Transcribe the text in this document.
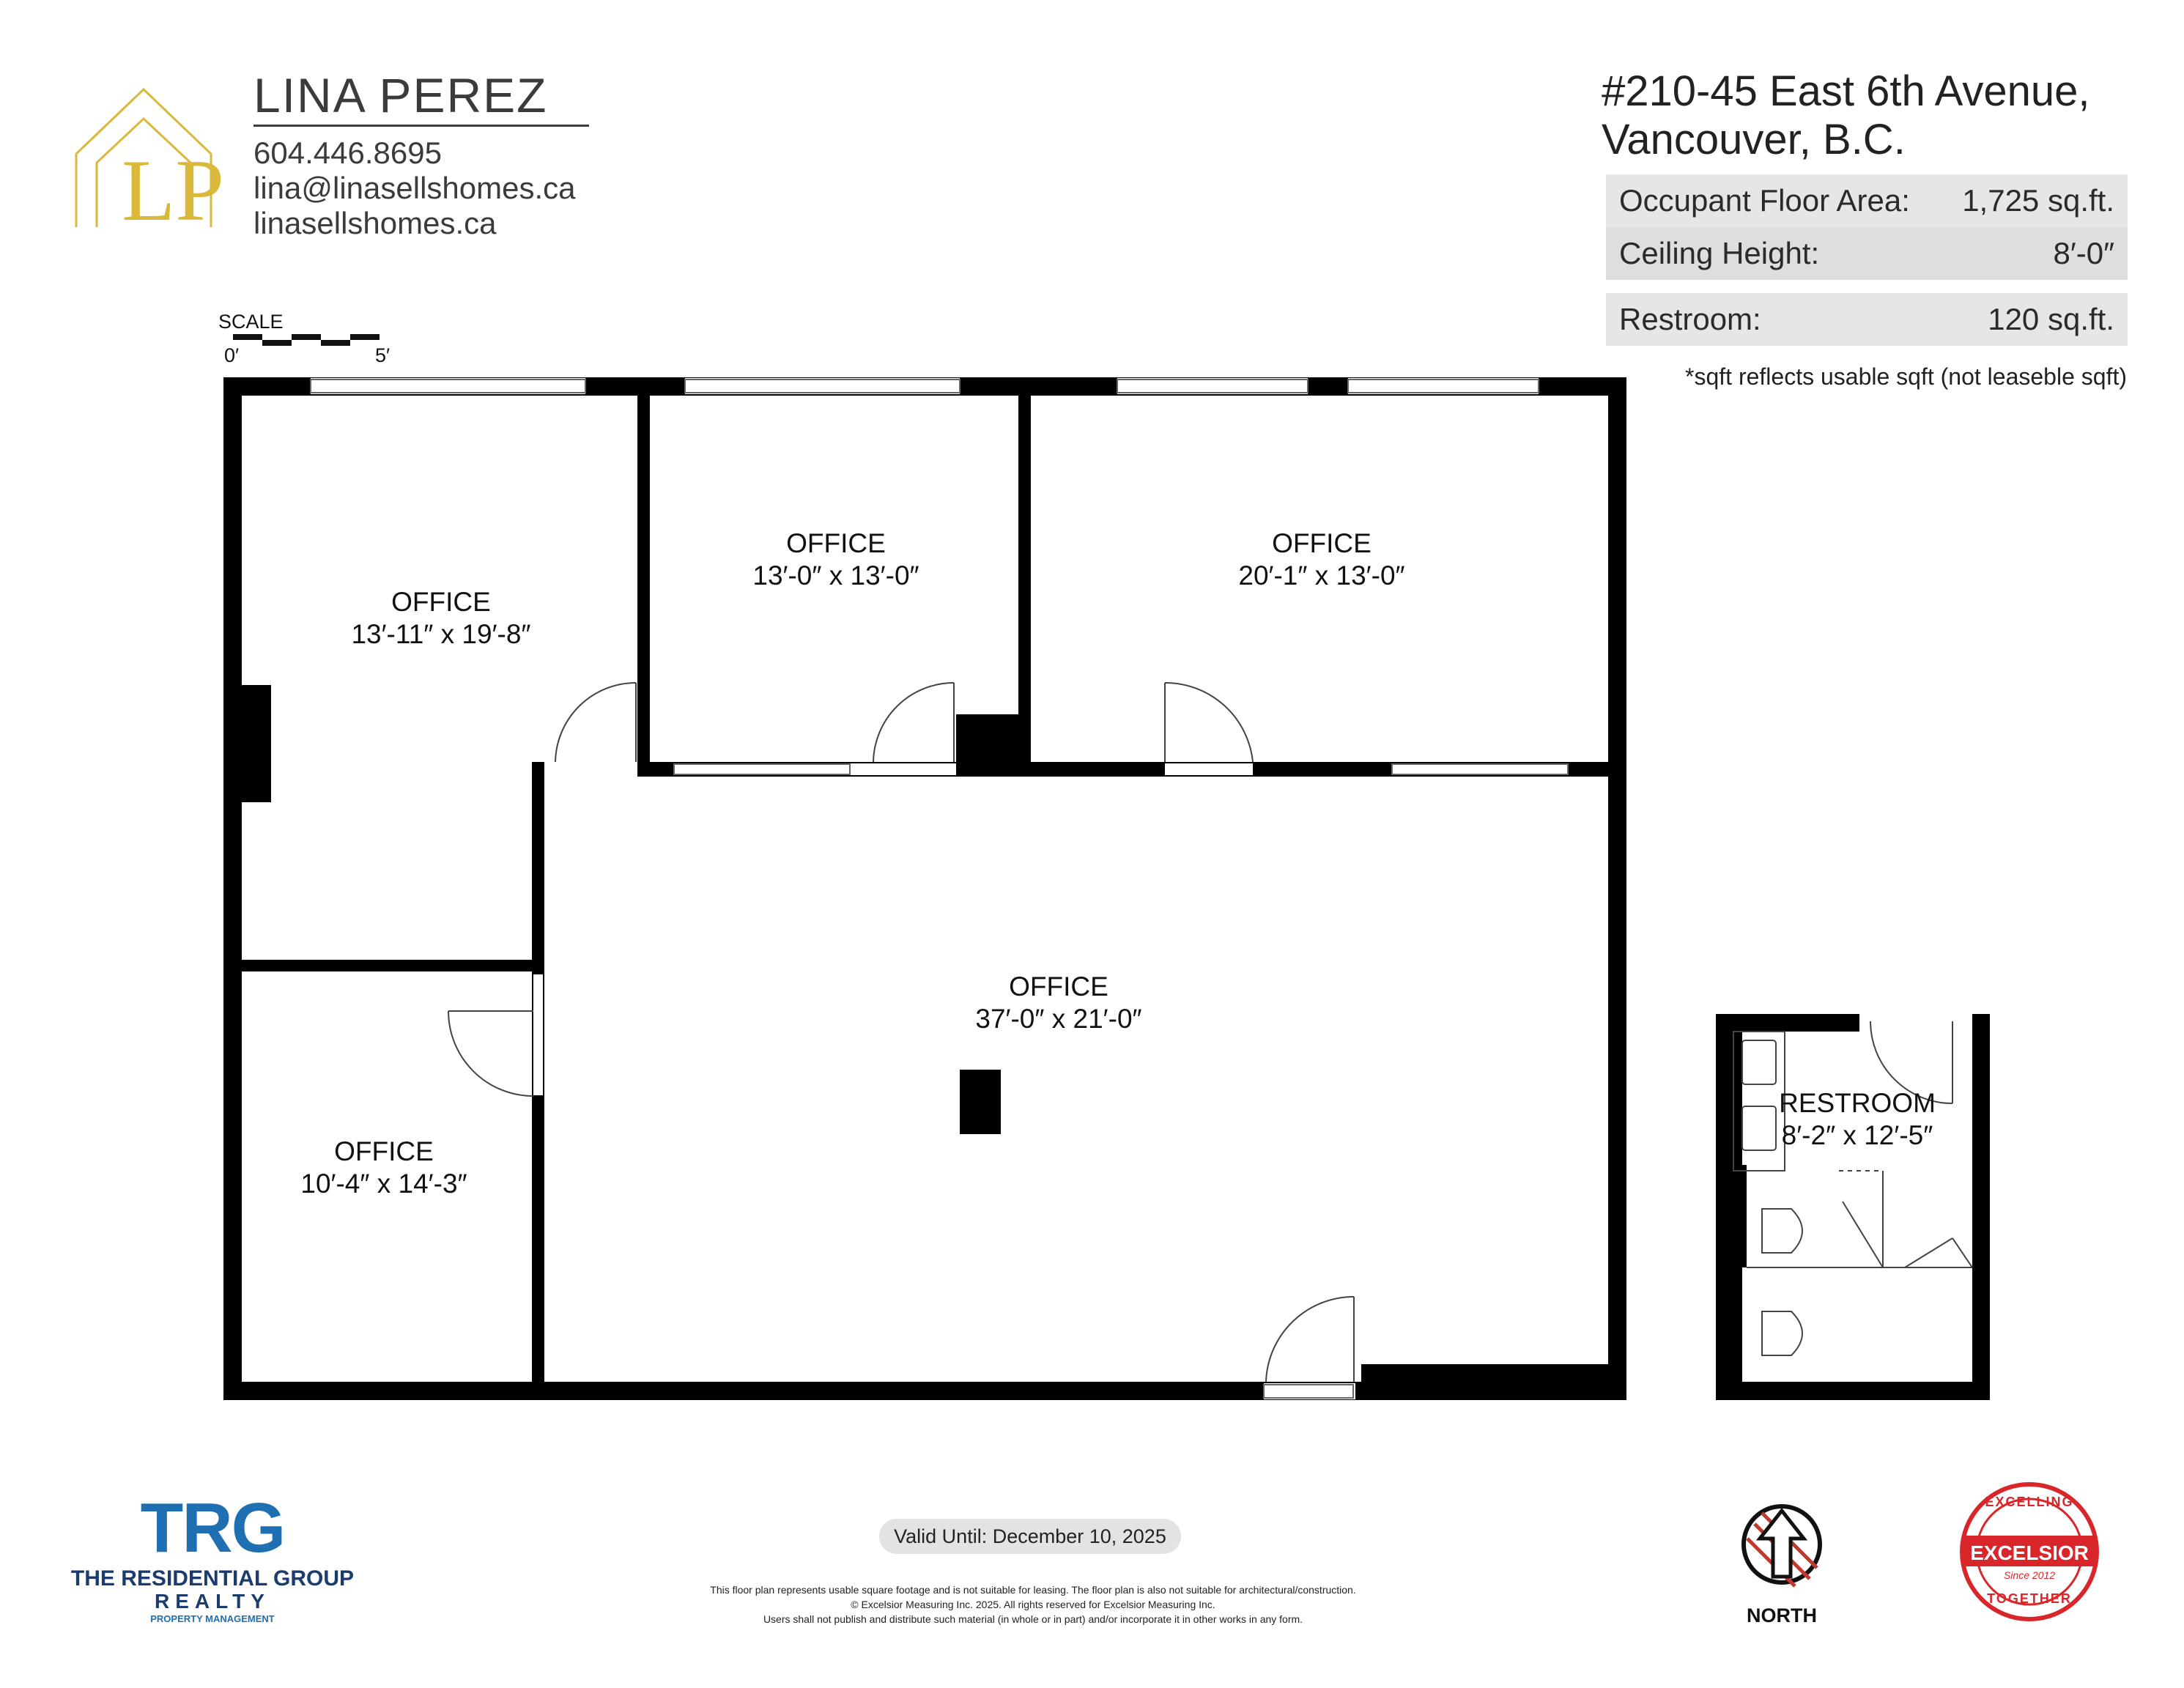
LP
LINA PEREZ
604.446.8695
lina@linasellshomes.ca
linasellshomes.ca
#210-45 East 6th Avenue,
Vancouver, B.C.
Occupant Floor Area: 1,725 sq.ft.
Ceiling Height:	8′-0″
Restroom:	120 sq.ft.
*sqft reflects usable sqft (not leaseble sqft)
SCALE
0′	5′
OFFICE
13′-11″ x 19′-8″
OFFICE
13′-0″ x 13′-0″
OFFICE
20′-1″ x 13′-0″
OFFICE
37′-0″ x 21′-0″
OFFICE
10′-4″ x 14′-3″
RESTROOM
8′-2″ x 12′-5″
TRG
THE RESIDENTIAL GROUP
REALTY
PROPERTY MANAGEMENT
Valid Until: December 10, 2025
This floor plan represents usable square footage and is not suitable for leasing. The floor plan is also not suitable for architectural/construction.
© Excelsior Measuring Inc. 2025. All rights reserved for Excelsior Measuring Inc.
Users shall not publish and distribute such material (in whole or in part) and/or incorporate it in other works in any form.	NORTH
EXCELSIOR
EXCELLING
TOGETHER
Since 2012
